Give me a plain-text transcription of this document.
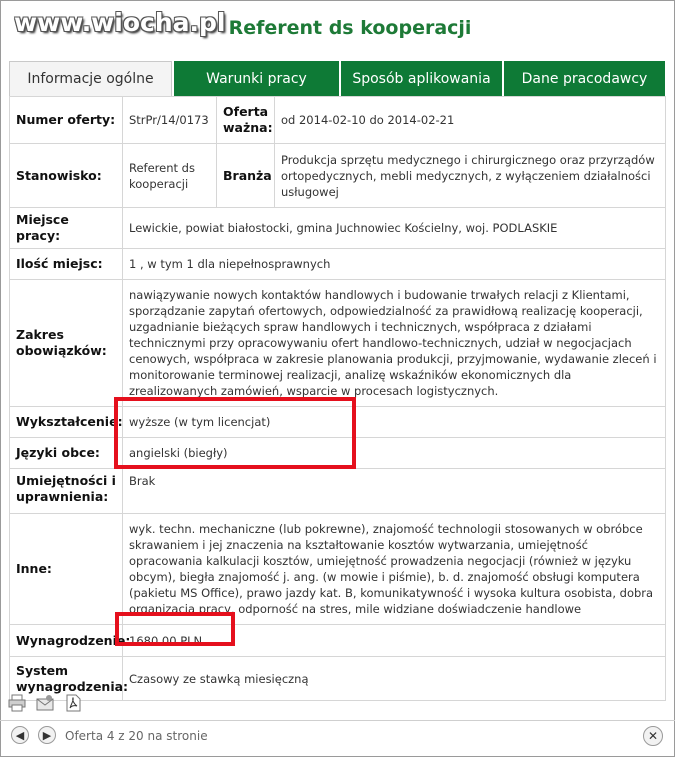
www.wiocha.pl Referent ds kooperacji
Informacje ogólne	Warunki pracy	Sposób aplikowania	Dane pracodawcy
Numer oferty:	StrPr/14/0173	Oferta ważna:	od 2014-02-10 do 2014-02-21
Stanowisko:	Referent ds kooperacji	Branża	Produkcja sprzętu medycznego i chirurgicznego oraz przyrządów ortopedycznych, mebli medycznych, z wyłączeniem działalności usługowej
Miejsce pracy:	Lewickie, powiat białostocki, gmina Juchnowiec Kościelny, woj. PODLASKIE		
Ilość miejsc:	1 , w tym 1 dla niepełnosprawnych		
Zakres obowiązków:	nawiązywanie nowych kontaktów handlowych i budowanie trwałych relacji z Klientami, sporządzanie zapytań ofertowych, odpowiedzialność za prawidłową realizację kooperacji, uzgadnianie bieżących spraw handlowych i technicznych, współpraca z działami technicznymi przy opracowywaniu ofert handlowo-technicznych, udział w negocjacjach cenowych, współpraca w zakresie planowania produkcji, przyjmowanie, wydawanie zleceń i monitorowanie terminowej realizacji, analizę wskaźników ekonomicznych dla zrealizowanych zamówień, wsparcie w procesach logistycznych.		
Wykształcenie:	wyższe (w tym licencjat)		
Języki obce:	angielski (biegły)		
Umiejętności i uprawnienia:	Brak		
Inne:	wyk. techn. mechaniczne (lub pokrewne), znajomość technologii stosowanych w obróbce skrawaniem i jej znaczenia na kształtowanie kosztów wytwarzania, umiejętność opracowania kalkulacji kosztów, umiejętność prowadzenia negocjacji (również w języku obcym), biegła znajomość j. ang. (w mowie i piśmie), b. d. znajomość obsługi komputera (pakietu MS Office), prawo jazdy kat. B, komunikatywność i wysoka kultura osobista, dobra organizacja pracy, odporność na stres, mile widziane doświadczenie handlowe		
Wynagrodzenie:	1680.00 PLN		
System wynagrodzenia:	Czasowy ze stawką miesięczną		
◀	▶	Oferta 4 z 20 na stronie	✕
